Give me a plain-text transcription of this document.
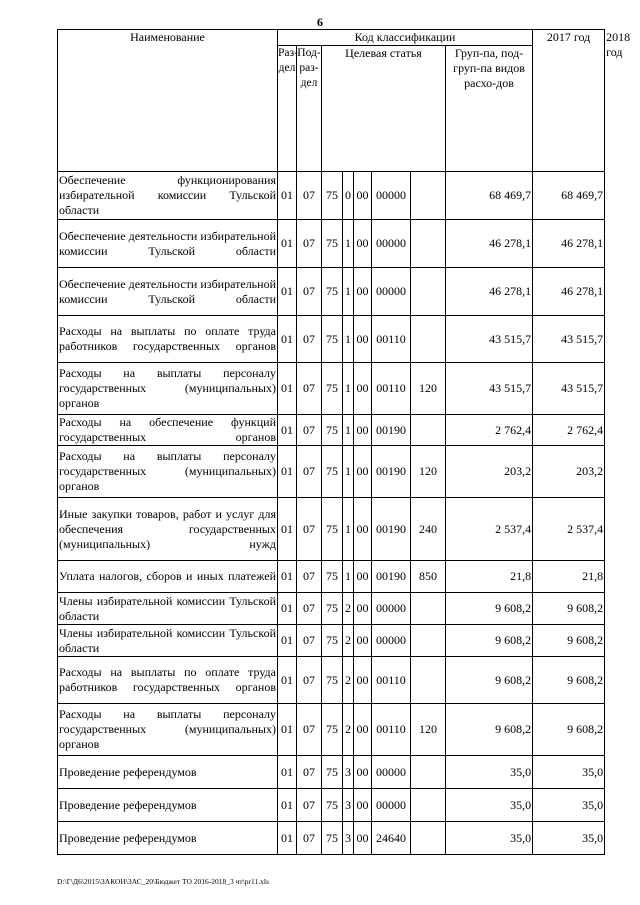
6
Наименование	Код классификации								2017 год	2018 год
	Раз-дел	Под-раз-дел	Целевая статья					Груп-па, под-груп-па видов расхо-дов		
Обеспечение функционирования избирательной комиссии Тульской области	01	07	75	0	00	00000		68 469,7	68 469,7	
Обеспечение деятельности избирательной комиссии Тульской области	01	07	75	1	00	00000		46 278,1	46 278,1	
Обеспечение деятельности избирательной комиссии Тульской области	01	07	75	1	00	00000		46 278,1	46 278,1	
Расходы на выплаты по оплате труда работников государственных органов	01	07	75	1	00	00110		43 515,7	43 515,7	
Расходы на выплаты персоналу государственных (муниципальных) органов	01	07	75	1	00	00110	120	43 515,7	43 515,7	
Расходы на обеспечение функций государственных органов	01	07	75	1	00	00190		2 762,4	2 762,4	
Расходы на выплаты персоналу государственных (муниципальных) органов	01	07	75	1	00	00190	120	203,2	203,2	
Иные закупки товаров, работ и услуг для обеспечения государственных (муниципальных) нужд	01	07	75	1	00	00190	240	2 537,4	2 537,4	
Уплата налогов, сборов и иных платежей	01	07	75	1	00	00190	850	21,8	21,8	
Члены избирательной комиссии Тульской области	01	07	75	2	00	00000		9 608,2	9 608,2	
Члены избирательной комиссии Тульской области	01	07	75	2	00	00000		9 608,2	9 608,2	
Расходы на выплаты по оплате труда работников государственных органов	01	07	75	2	00	00110		9 608,2	9 608,2	
Расходы на выплаты персоналу государственных (муниципальных) органов	01	07	75	2	00	00110	120	9 608,2	9 608,2	
Проведение референдумов	01	07	75	3	00	00000		35,0	35,0	
Проведение референдумов	01	07	75	3	00	00000		35,0	35,0	
Проведение референдумов	01	07	75	3	00	24640		35,0	35,0	
D:\Г\Д6\2015\ЗАКОН\ЗАС_20\Бюджет ТО 2016-2018_3 чт\pr11.xls
